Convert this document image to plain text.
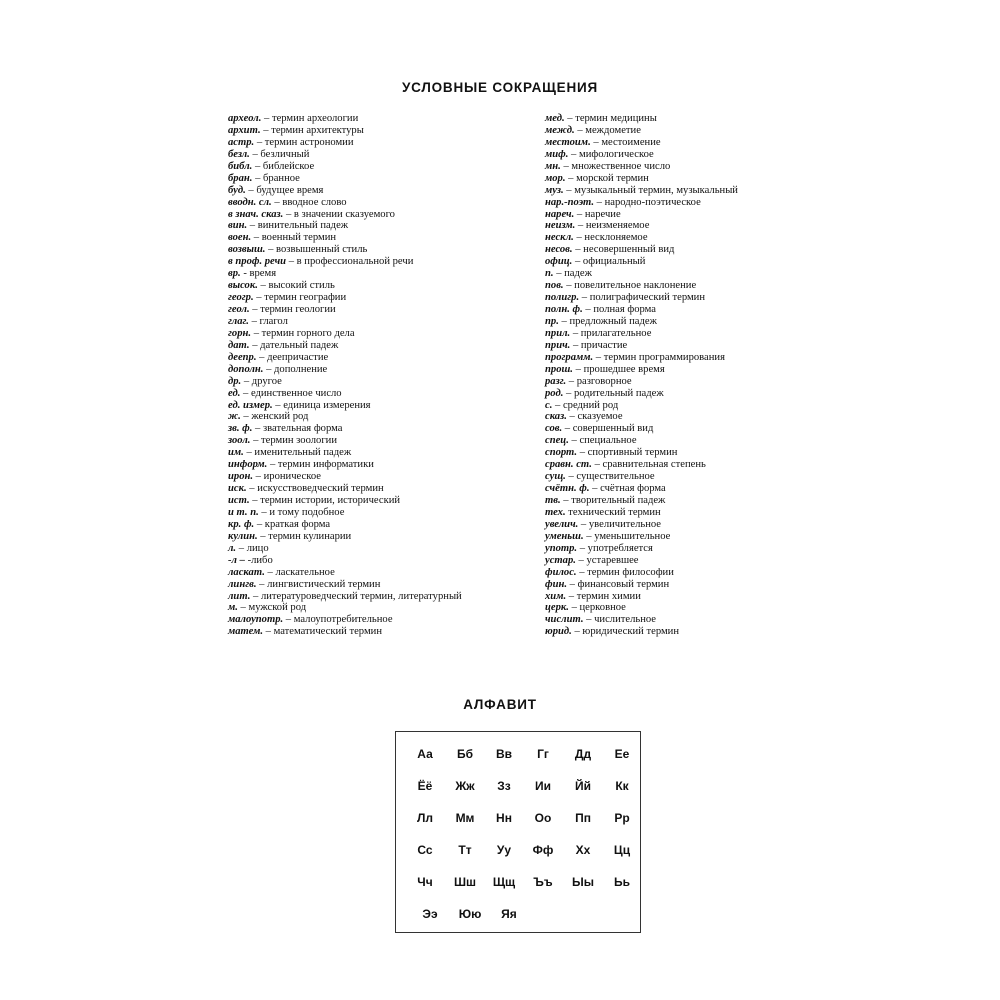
УСЛОВНЫЕ СОКРАЩЕНИЯ
археол. – термин археологии
архит. – термин архитектуры
астр. – термин астрономии
безл. – безличный
библ. – библейское
бран. – бранное
буд. – будущее время
вводн. сл. – вводное слово
в знач. сказ. – в значении сказуемого
вин. – винительный падеж
воен. – военный термин
возвыш. – возвышенный стиль
в проф. речи – в профессиональной речи
вр. - время
высок. – высокий стиль
геогр. – термин географии
геол. – термин геологии
глаг. – глагол
горн. – термин горного дела
дат. – дательный падеж
деепр. – деепричастие
дополн. – дополнение
др. – другое
ед. – единственное число
ед. измер. – единица измерения
ж. – женский род
зв. ф. – звательная форма
зоол. – термин зоологии
им. – именительный падеж
информ. – термин информатики
ирон. – ироническое
иск. – искусствоведческий термин
ист. – термин истории, исторический
и т. п. – и тому подобное
кр. ф. – краткая форма
кулин. – термин кулинарии
л. – лицо
-л – -либо
ласкат. – ласкательное
лингв. – лингвистический термин
лит. – литературоведческий термин, литературный
м. – мужской род
малоупотр. – малоупотребительное
матем. – математический термин
мед. – термин медицины
межд. – междометие
местоим. – местоимение
миф. – мифологическое
мн. – множественное число
мор. – морской термин
муз. – музыкальный термин, музыкальный
нар.-поэт. – народно-поэтическое
нареч. – наречие
неизм. – неизменяемое
нескл. – несклоняемое
несов. – несовершенный вид
офиц. – официальный
п. – падеж
пов. – повелительное наклонение
полигр. – полиграфический термин
полн. ф. – полная форма
пр. – предложный падеж
прил. – прилагательное
прич. – причастие
программ. – термин программирования
прош. – прошедшее время
разг. – разговорное
род. – родительный падеж
с. – средний род
сказ. – сказуемое
сов. – совершенный вид
спец. – специальное
спорт. – спортивный термин
сравн. ст. – сравнительная степень
сущ. – существительное
счётн. ф. – счётная форма
тв. – творительный падеж
тех. технический термин
увелич. – увеличительное
уменьш. – уменьшительное
употр. – употребляется
устар. – устаревшее
филос. – термин философии
фин. – финансовый термин
хим. – термин химии
церк. – церковное
числит. – числительное
юрид. – юридический термин
АЛФАВИТ
Аа	Бб	Вв	Гг	Дд	Ее
Ёё	Жж	Зз	Ии	Йй	Кк
Лл	Мм	Нн	Оо	Пп	Рр
Сс	Тт	Уу	Фф	Хх	Цц
Чч	Шш	Щщ	Ъъ	Ыы	Ьь
Ээ	Юю	Яя
